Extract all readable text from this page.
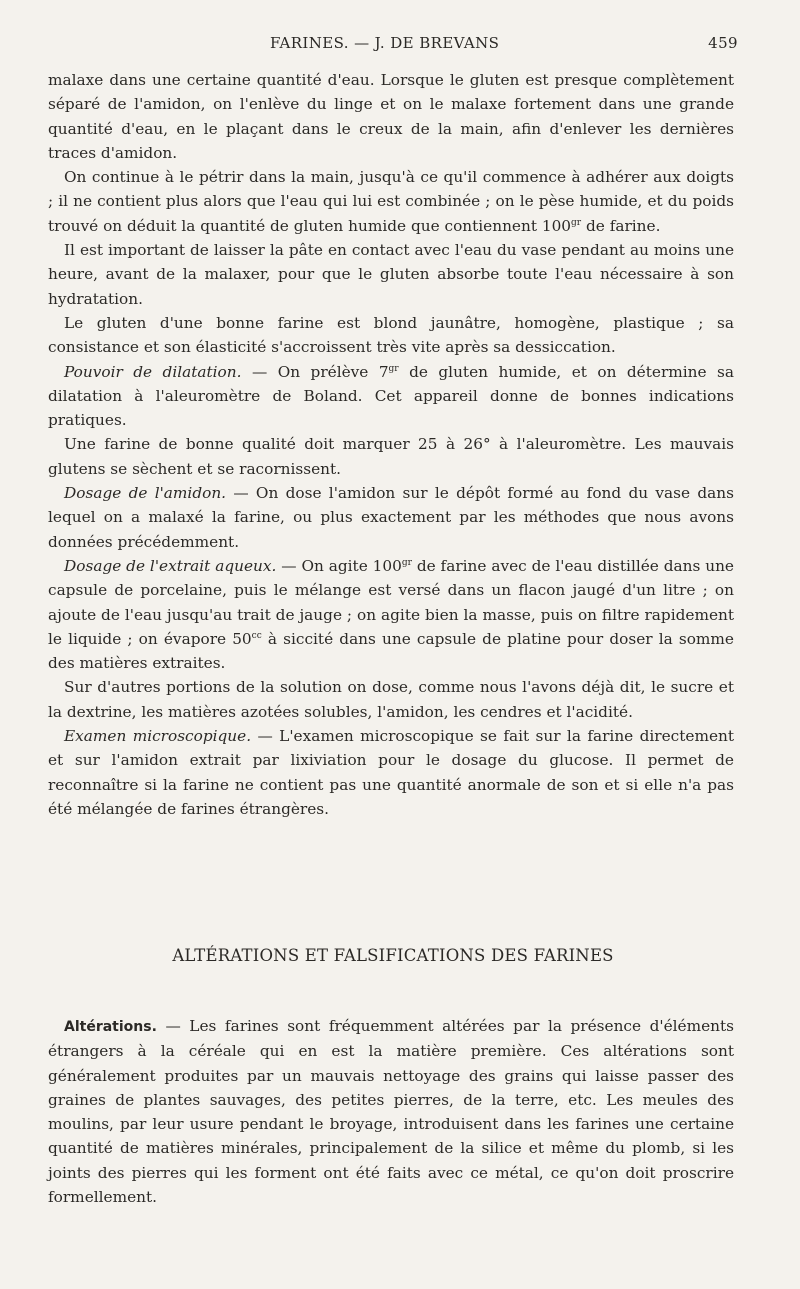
FARINES. — J. DE BREVANS	459

malaxe dans une certaine quantité d'eau. Lorsque le gluten est presque complètement séparé de l'amidon, on l'enlève du linge et on le malaxe fortement dans une grande quantité d'eau, en le plaçant dans le creux de la main, afin d'enlever les dernières traces d'amidon.

On continue à le pétrir dans la main, jusqu'à ce qu'il commence à adhérer aux doigts ; il ne contient plus alors que l'eau qui lui est combinée ; on le pèse humide, et du poids trouvé on déduit la quantité de gluten humide que contiennent $100^{gr}$ de farine.

Il est important de laisser la pâte en contact avec l'eau du vase pendant au moins une heure, avant de la malaxer, pour que le gluten absorbe toute l'eau nécessaire à son hydratation.

Le gluten d'une bonne farine est blond jaunâtre, homogène, plastique ; sa consistance et son élasticité s'accroissent très vite après sa dessiccation.

Pouvoir de dilatation. — On prélève $7^{gr}$ de gluten humide, et on détermine sa dilatation à l'aleuromètre de Boland. Cet appareil donne de bonnes indications pratiques.

Une farine de bonne qualité doit marquer 25 à 26° à l'aleuromètre. Les mauvais glutens se sèchent et se racornissent.

Dosage de l'amidon. — On dose l'amidon sur le dépôt formé au fond du vase dans lequel on a malaxé la farine, ou plus exactement par les méthodes que nous avons données précédemment.

Dosage de l'extrait aqueux. — On agite $100^{gr}$ de farine avec de l'eau distillée dans une capsule de porcelaine, puis le mélange est versé dans un flacon jaugé d'un litre ; on ajoute de l'eau jusqu'au trait de jauge ; on agite bien la masse, puis on filtre rapidement le liquide ; on évapore $50^{cc}$ à siccité dans une capsule de platine pour doser la somme des matières extraites.

Sur d'autres portions de la solution on dose, comme nous l'avons déjà dit, le sucre et la dextrine, les matières azotées solubles, l'amidon, les cendres et l'acidité.

Examen microscopique. — L'examen microscopique se fait sur la farine directement et sur l'amidon extrait par lixiviation pour le dosage du glucose. Il permet de reconnaître si la farine ne contient pas une quantité anormale de son et si elle n'a pas été mélangée de farines étrangères.

ALTÉRATIONS ET FALSIFICATIONS DES FARINES

Altérations. — Les farines sont fréquemment altérées par la présence d'éléments étrangers à la céréale qui en est la matière première. Ces altérations sont généralement produites par un mauvais nettoyage des grains qui laisse passer des graines de plantes sauvages, des petites pierres, de la terre, etc. Les meules des moulins, par leur usure pendant le broyage, introduisent dans les farines une certaine quantité de matières minérales, principalement de la silice et même du plomb, si les joints des pierres qui les forment ont été faits avec ce métal, ce qu'on doit proscrire formellement.
